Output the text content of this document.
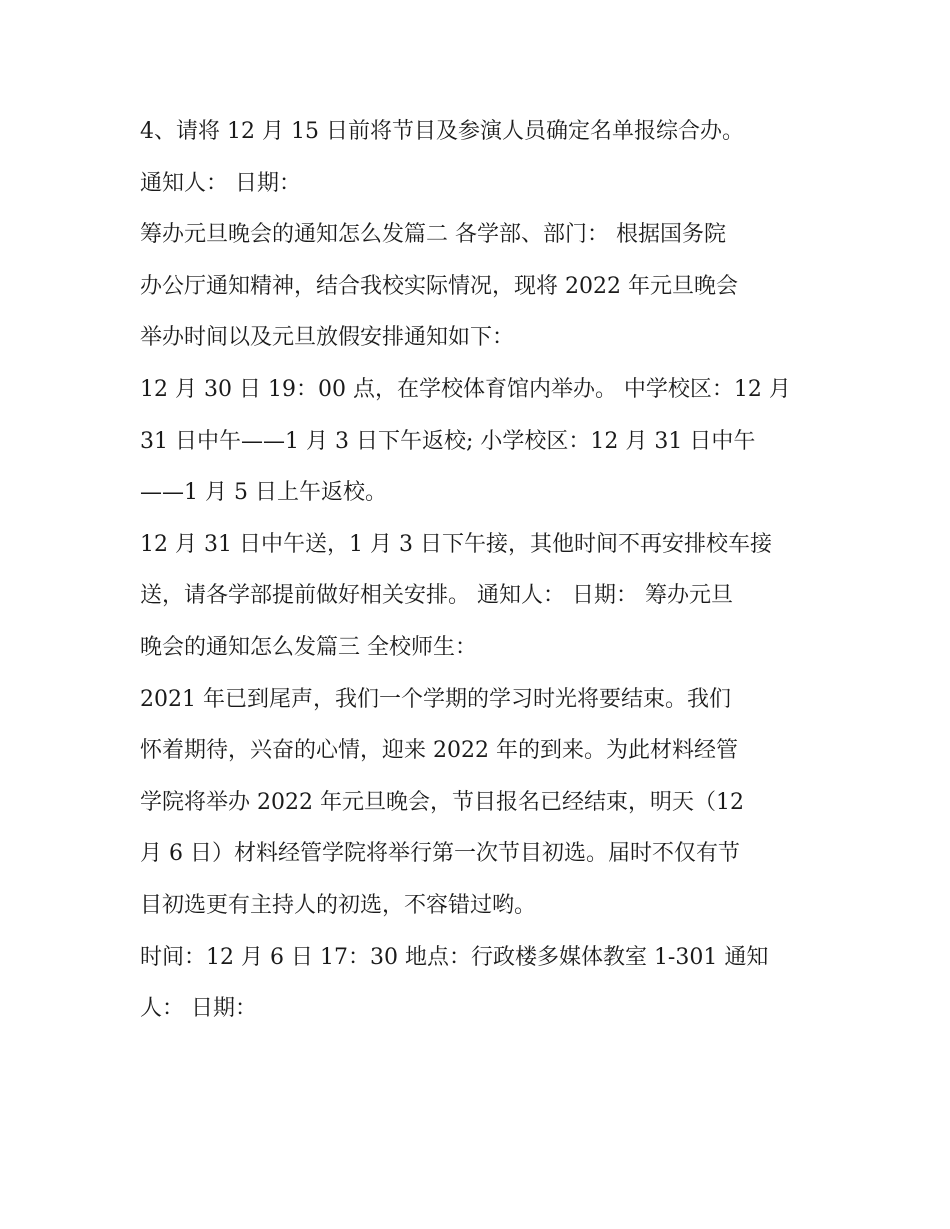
4、请将 12 月 15 日前将节目及参演人员确定名单报综合办。
通知人： 日期：
筹办元旦晚会的通知怎么发篇二 各学部、部门： 根据国务院
办公厅通知精神，结合我校实际情况，现将 2022 年元旦晚会
举办时间以及元旦放假安排通知如下：
12 月 30 日 19：00 点，在学校体育馆内举办。 中学校区：12 月
31 日中午——1 月 3 日下午返校; 小学校区：12 月 31 日中午
——1 月 5 日上午返校。
12 月 31 日中午送，1 月 3 日下午接，其他时间不再安排校车接
送，请各学部提前做好相关安排。 通知人： 日期： 筹办元旦
晚会的通知怎么发篇三 全校师生：
2021 年已到尾声，我们一个学期的学习时光将要结束。我们
怀着期待，兴奋的心情，迎来 2022 年的到来。为此材料经管
学院将举办 2022 年元旦晚会，节目报名已经结束，明天（12
月 6 日）材料经管学院将举行第一次节目初选。届时不仅有节
目初选更有主持人的初选，不容错过哟。
时间：12 月 6 日 17：30 地点：行政楼多媒体教室 1-301 通知
人： 日期：
